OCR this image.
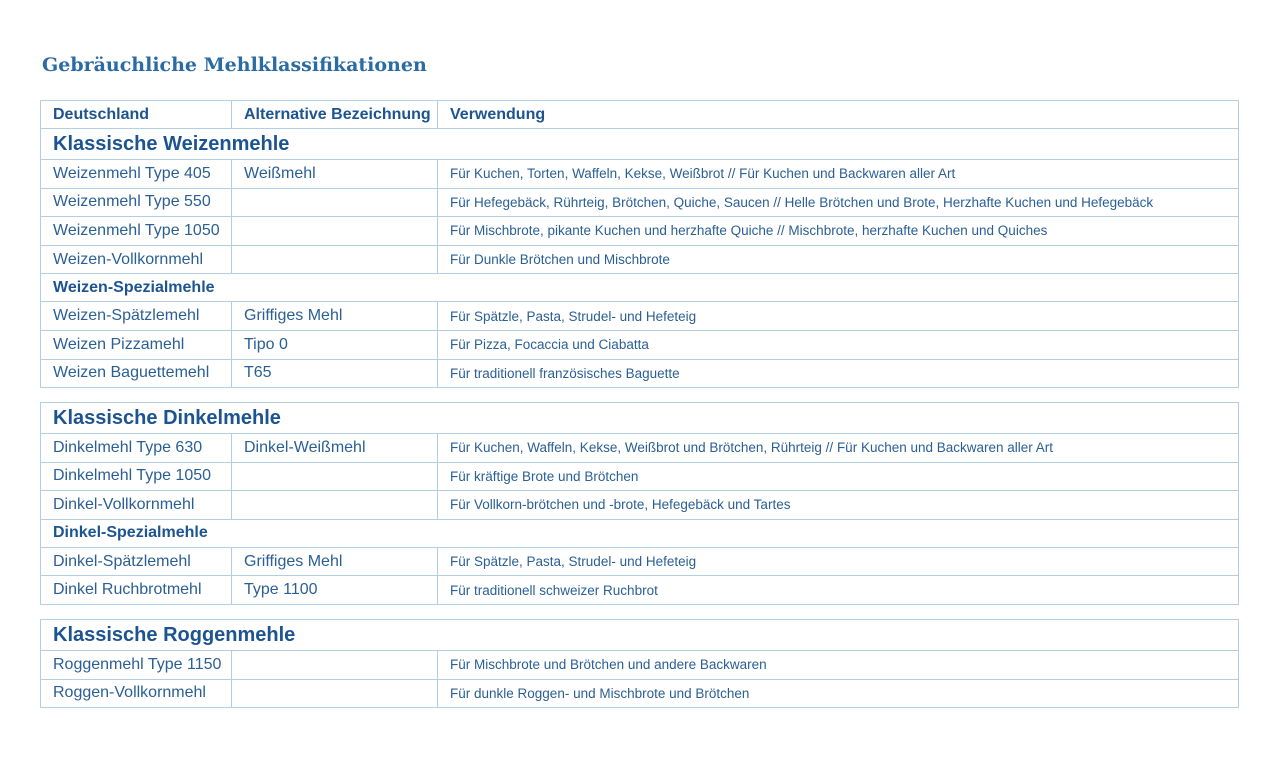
Gebräuchliche Mehlklassifikationen
Deutschland	Alternative Bezeichnung	Verwendung
Klassische Weizenmehle		
Weizenmehl Type 405	Weißmehl	Für Kuchen, Torten, Waffeln, Kekse, Weißbrot // Für Kuchen und Backwaren aller Art
Weizenmehl Type 550		Für Hefegebäck, Rührteig, Brötchen, Quiche, Saucen // Helle Brötchen und Brote, Herzhafte Kuchen und Hefegebäck
Weizenmehl Type 1050		Für Mischbrote, pikante Kuchen und herzhafte Quiche // Mischbrote, herzhafte Kuchen und Quiches
Weizen-Vollkornmehl		Für Dunkle Brötchen und Mischbrote
Weizen-Spezialmehle		
Weizen-Spätzlemehl	Griffiges Mehl	Für Spätzle, Pasta, Strudel- und Hefeteig
Weizen Pizzamehl	Tipo 0	Für Pizza, Focaccia und Ciabatta
Weizen Baguettemehl	T65	Für traditionell französisches Baguette
Klassische Dinkelmehle		
Dinkelmehl Type 630	Dinkel-Weißmehl	Für Kuchen, Waffeln, Kekse, Weißbrot und Brötchen, Rührteig // Für Kuchen und Backwaren aller Art
Dinkelmehl Type 1050		Für kräftige Brote und Brötchen
Dinkel-Vollkornmehl		Für Vollkorn-brötchen und -brote, Hefegebäck und Tartes
Dinkel-Spezialmehle		
Dinkel-Spätzlemehl	Griffiges Mehl	Für Spätzle, Pasta, Strudel- und Hefeteig
Dinkel Ruchbrotmehl	Type 1100	Für traditionell schweizer Ruchbrot
Klassische Roggenmehle		
Roggenmehl Type 1150		Für Mischbrote und Brötchen und andere Backwaren
Roggen-Vollkornmehl		Für dunkle Roggen- und Mischbrote und Brötchen
